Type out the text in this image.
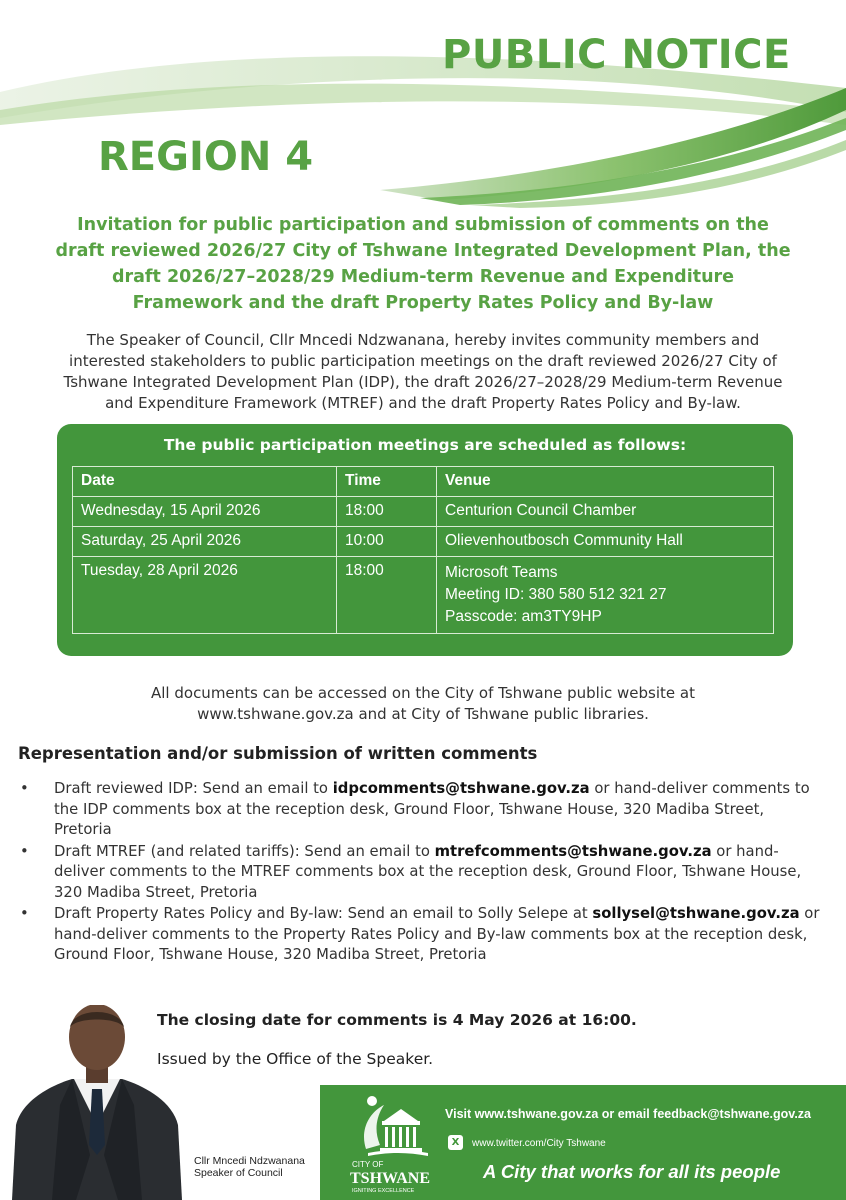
PUBLIC NOTICE
REGION 4
Invitation for public participation and submission of comments on the
draft reviewed 2026/27 City of Tshwane Integrated Development Plan, the
draft 2026/27–2028/29 Medium-term Revenue and Expenditure
Framework and the draft Property Rates Policy and By-law
The Speaker of Council, Cllr Mncedi Ndzwanana, hereby invites community members and
interested stakeholders to public participation meetings on the draft reviewed 2026/27 City of
Tshwane Integrated Development Plan (IDP), the draft 2026/27–2028/29 Medium-term Revenue
and Expenditure Framework (MTREF) and the draft Property Rates Policy and By-law.
The public participation meetings are scheduled as follows:
Date	Time	Venue
Wednesday, 15 April 2026	18:00	Centurion Council Chamber
Saturday, 25 April 2026	10:00	Olievenhoutbosch Community Hall
Tuesday, 28 April 2026	18:00	Microsoft Teams
Meeting ID: 380 580 512 321 27
Passcode: am3TY9HP
All documents can be accessed on the City of Tshwane public website at
www.tshwane.gov.za and at City of Tshwane public libraries.
Representation and/or submission of written comments
• Draft reviewed IDP: Send an email to idpcomments@tshwane.gov.za or hand-deliver comments to the IDP comments box at the reception desk, Ground Floor, Tshwane House, 320 Madiba Street, Pretoria
• Draft MTREF (and related tariffs): Send an email to mtrefcomments@tshwane.gov.za or hand-deliver comments to the MTREF comments box at the reception desk, Ground Floor, Tshwane House, 320 Madiba Street, Pretoria
• Draft Property Rates Policy and By-law: Send an email to Solly Selepe at sollysel@tshwane.gov.za or hand-deliver comments to the Property Rates Policy and By-law comments box at the reception desk, Ground Floor, Tshwane House, 320 Madiba Street, Pretoria
The closing date for comments is 4 May 2026 at 16:00.
Issued by the Office of the Speaker.
Cllr Mncedi Ndzwanana
Speaker of Council
CITY OF
TSHWANE
IGNITING EXCELLENCE
Visit www.tshwane.gov.za or email feedback@tshwane.gov.za
X	www.twitter.com/City Tshwane
A City that works for all its people
